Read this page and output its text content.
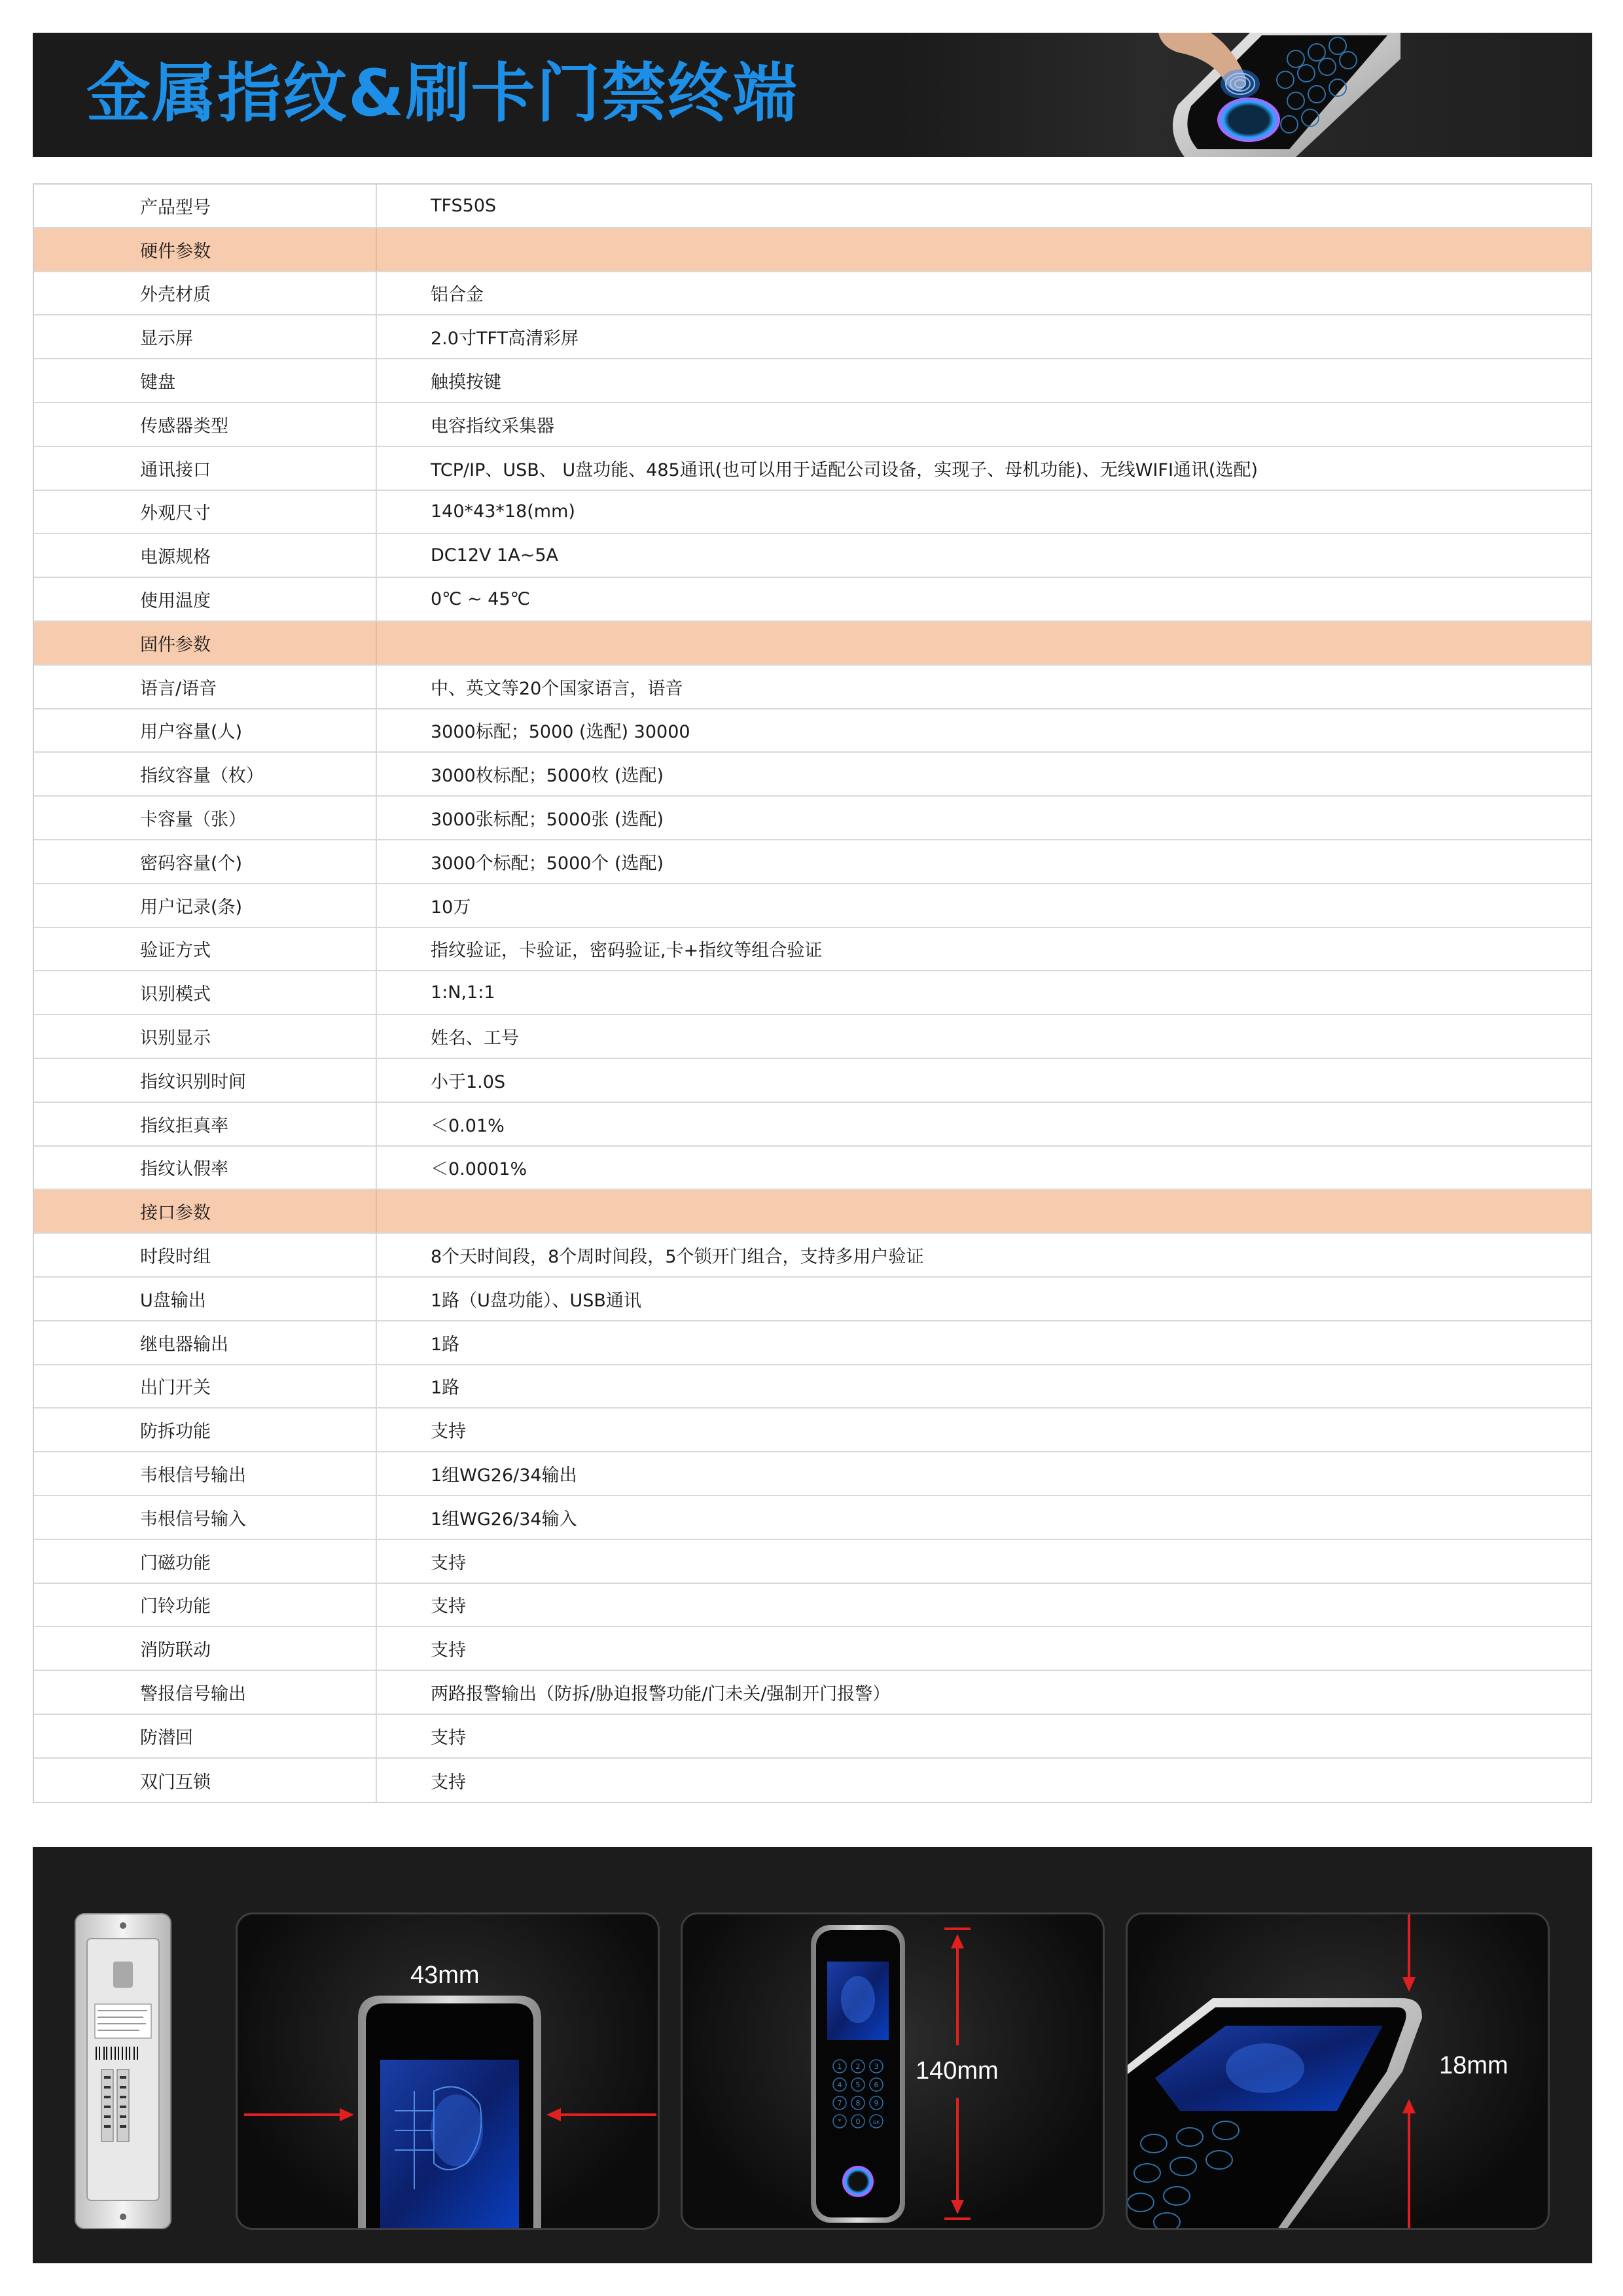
金属指纹&刷卡门禁终端
产品型号	TFS50S
硬件参数
外壳材质	铝合金
显示屏	2.0寸TFT高清彩屏
键盘	触摸按键
传感器类型	电容指纹采集器
通讯接口	TCP/IP、USB、 U盘功能、485通讯(也可以用于适配公司设备，实现子、母机功能)、无线WIFI通讯(选配)
外观尺寸	140*43*18(mm)
电源规格	DC12V 1A~5A
使用温度	0℃ ~ 45℃
固件参数
语言/语音	中、英文等20个国家语言，语音
用户容量(人)	3000标配；5000 (选配) 30000
指纹容量（枚）	3000枚标配；5000枚 (选配)
卡容量（张）	3000张标配；5000张 (选配)
密码容量(个)	3000个标配；5000个 (选配)
用户记录(条)	10万
验证方式	指纹验证，卡验证，密码验证,卡+指纹等组合验证
识别模式	1:N,1:1
识别显示	姓名、工号
指纹识别时间	小于1.0S
指纹拒真率	＜0.01%
指纹认假率	＜0.0001%
接口参数
时段时组	8个天时间段，8个周时间段，5个锁开门组合，支持多用户验证
U盘输出	1路（U盘功能）、USB通讯
继电器输出	1路
出门开关	1路
防拆功能	支持
韦根信号输出	1组WG26/34输出
韦根信号输入	1组WG26/34输入
门磁功能	支持
门铃功能	支持
消防联动	支持
警报信号输出	两路报警输出（防拆/胁迫报警功能/门未关/强制开门报警）
防潜回	支持
双门互锁	支持
43mm
1 2 3
4 5 6
7 8 9
* 0	OK
140mm	18mm
